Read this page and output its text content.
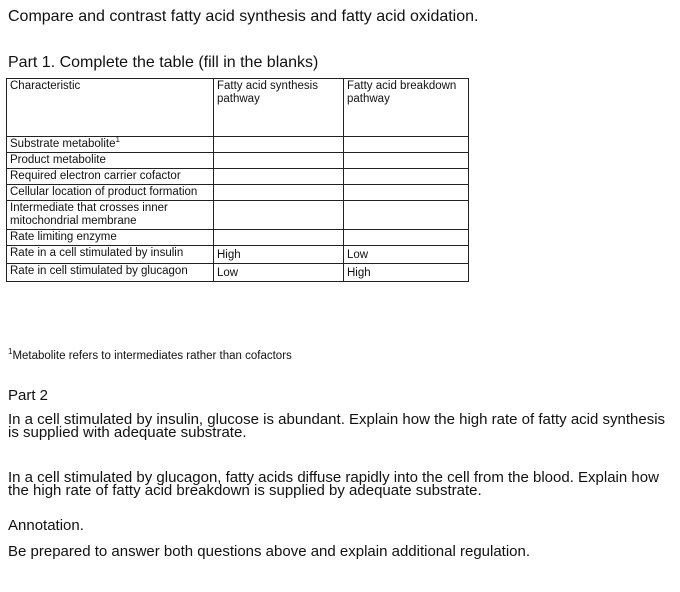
Compare and contrast fatty acid synthesis and fatty acid oxidation.
Part 1. Complete the table (fill in the blanks)
Characteristic	Fatty acid synthesis pathway	Fatty acid breakdown pathway
Substrate metabolite$^1$		
Product metabolite		
Required electron carrier cofactor		
Cellular location of product formation		
Intermediate that crosses inner mitochondrial membrane		
Rate limiting enzyme		
Rate in a cell stimulated by insulin	High	Low
Rate in cell stimulated by glucagon	Low	High
$^1$Metabolite refers to intermediates rather than cofactors
Part 2
In a cell stimulated by insulin, glucose is abundant. Explain how the high rate of fatty acid synthesis is supplied with adequate substrate.
In a cell stimulated by glucagon, fatty acids diffuse rapidly into the cell from the blood. Explain how the high rate of fatty acid breakdown is supplied by adequate substrate.
Annotation.
Be prepared to answer both questions above and explain additional regulation.
